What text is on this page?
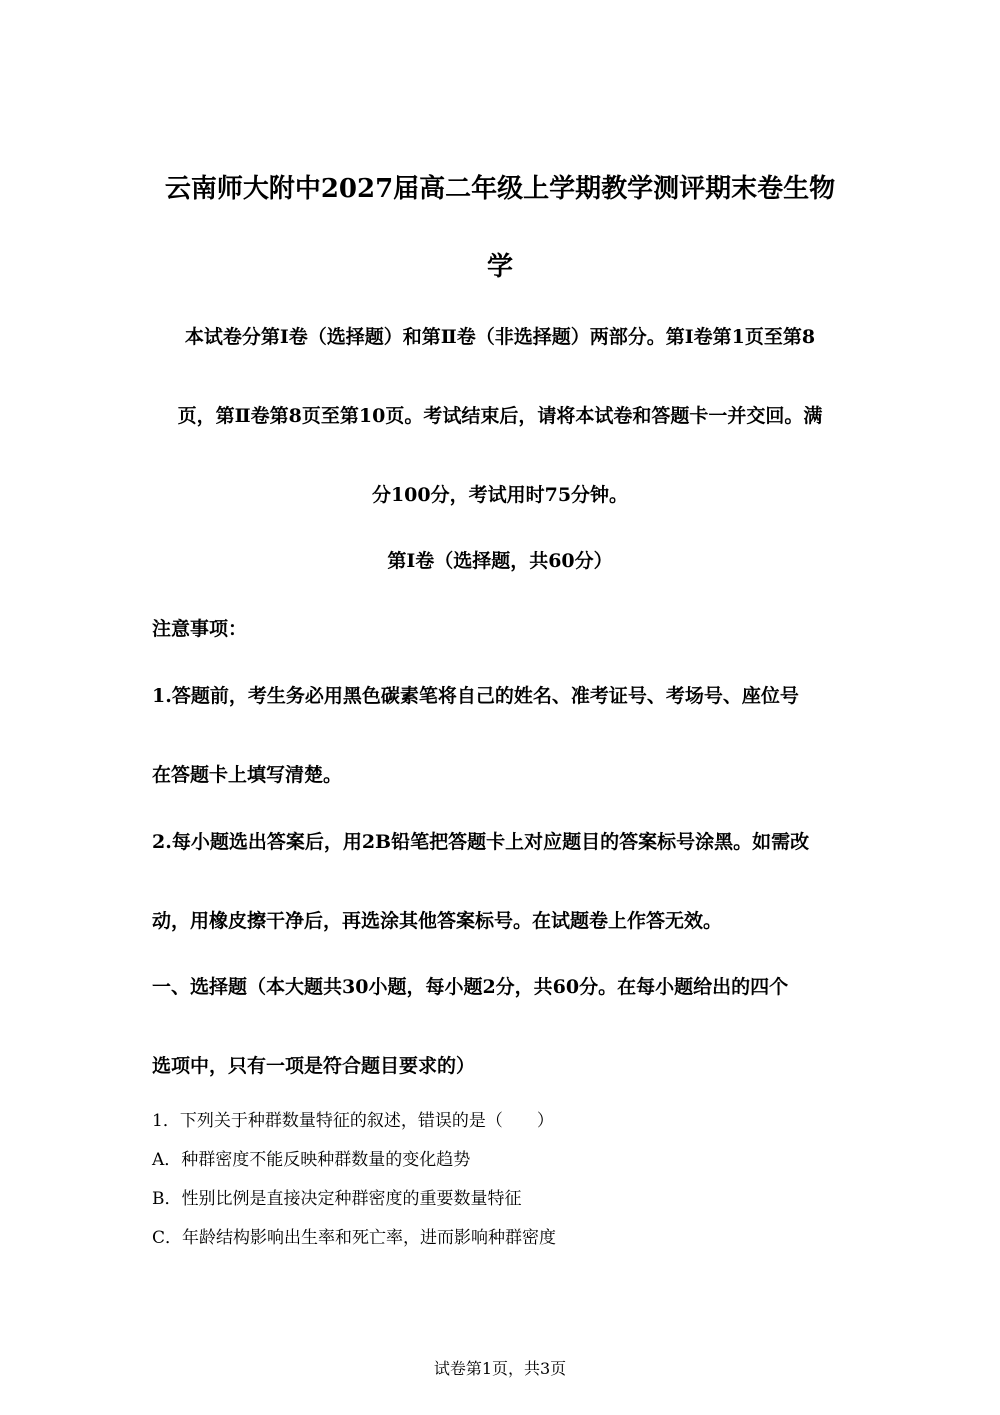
云南师大附中2027届高二年级上学期教学测评期末卷生物
学

本试卷分第Ⅰ卷（选择题）和第Ⅱ卷（非选择题）两部分。第Ⅰ卷第1页至第8

页，第Ⅱ卷第8页至第10页。考试结束后，请将本试卷和答题卡一并交回。满

分100分，考试用时75分钟。

第Ⅰ卷（选择题，共60分）

注意事项：

1.答题前，考生务必用黑色碳素笔将自己的姓名、准考证号、考场号、座位号

在答题卡上填写清楚。

2.每小题选出答案后，用2B铅笔把答题卡上对应题目的答案标号涂黑。如需改

动，用橡皮擦干净后，再选涂其他答案标号。在试题卷上作答无效。

一、选择题（本大题共30小题，每小题2分，共60分。在每小题给出的四个

选项中，只有一项是符合题目要求的）

1．下列关于种群数量特征的叙述，错误的是（　　）

A．种群密度不能反映种群数量的变化趋势

B．性别比例是直接决定种群密度的重要数量特征

C．年龄结构影响出生率和死亡率，进而影响种群密度

试卷第1页，共3页
